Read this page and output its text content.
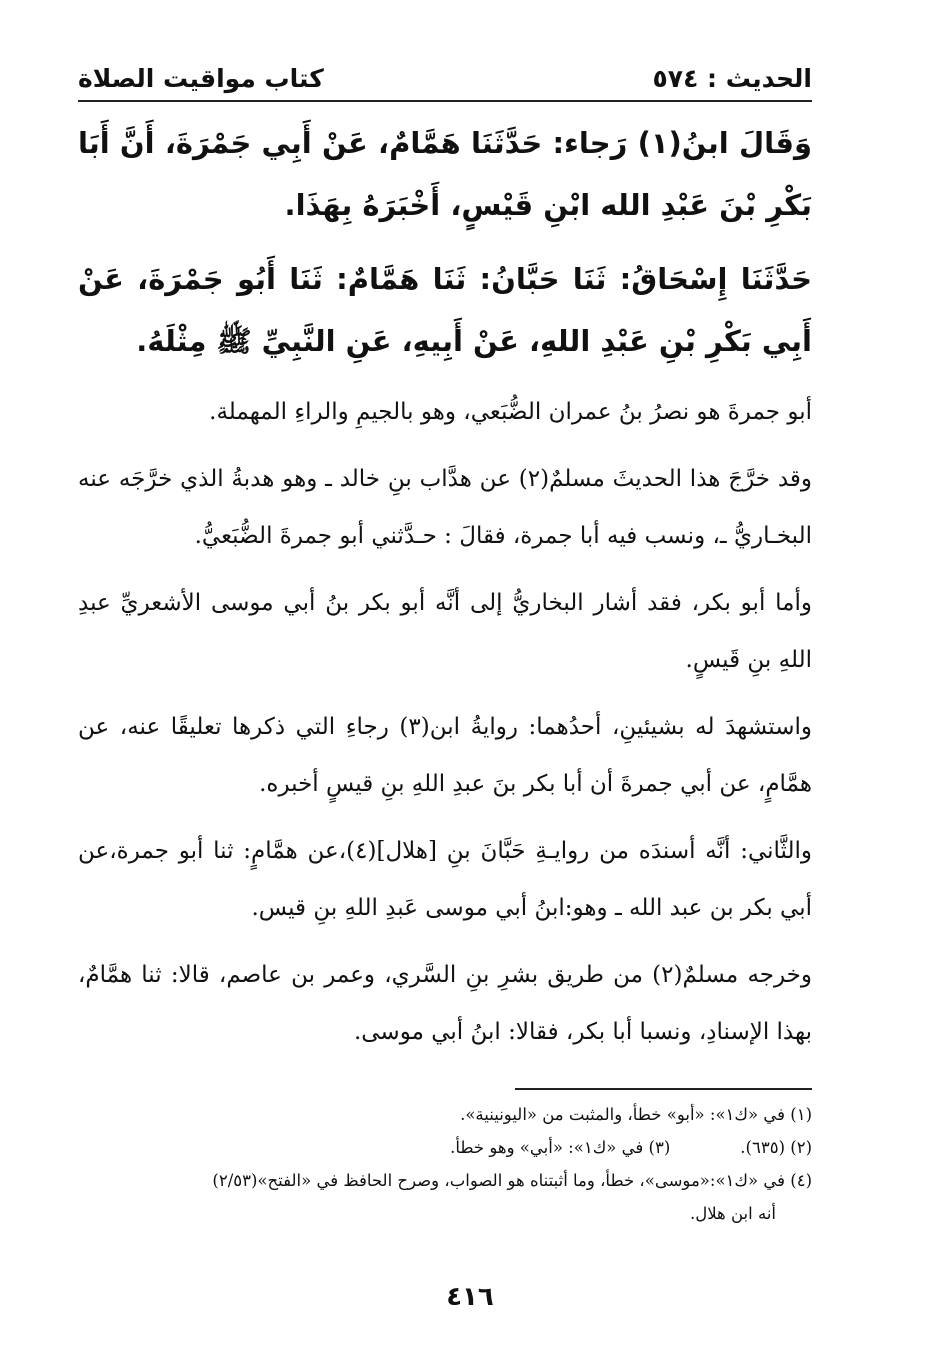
الحديث : ٥٧٤
كتاب مواقيت الصلاة

وَقَالَ ابنُ(١) رَجاء: حَدَّثَنَا هَمَّامٌ، عَنْ أَبِي جَمْرَةَ، أَنَّ أَبَا بَكْرِ بْنَ عَبْدِ الله ابْنِ قَيْسٍ، أَخْبَرَهُ بِهَذَا.

حَدَّثَنَا إِسْحَاقُ: ثَنَا حَبَّانُ: ثَنَا هَمَّامٌ: ثَنَا أَبُو جَمْرَةَ، عَنْ أَبِي بَكْرِ بْنِ عَبْدِ اللهِ، عَنْ أَبِيهِ، عَنِ النَّبِيِّ ﷺ مِثْلَهُ.

أبو جمرةَ هو نصرُ بنُ عمران الضُّبَعي، وهو بالجيمِ والراءِ المهملة.

وقد خرَّجَ هذا الحديثَ مسلمٌ(٢) عن هدَّاب بنِ خالد ـ وهو هدبةُ الذي خرَّجَه عنه البخـاريُّ ـ، ونسب فيه أبا جمرة، فقالَ : حـدَّثني أبو جمرةَ الضُّبَعيُّ.

وأما أبو بكر، فقد أشار البخاريُّ إلى أنَّه أبو بكر بنُ أبي موسى الأشعريِّ عبدِ اللهِ بنِ قَيسٍ.

واستشهدَ له بشيئينِ، أحدُهما: روايةُ ابن(٣) رجاءِ التي ذكرها تعليقًا عنه، عن همَّامٍ، عن أبي جمرةَ أن أبا بكر بنَ عبدِ اللهِ بنِ قيسٍ أخبره.

والثَّاني: أنَّه أسندَه من روايـةِ حَبَّانَ بنِ [هلال](٤)،عن همَّامٍ: ثنا أبو جمرة،عن أبي بكر بن عبد الله ـ وهو:ابنُ أبي موسى عَبدِ اللهِ بنِ قيس.

وخرجه مسلمٌ(٢) من طريق بشرِ بنِ السَّري، وعمر بن عاصم، قالا: ثنا همَّامٌ، بهذا الإسنادِ، ونسبا أبا بكر، فقالا: ابنُ أبي موسى.

(١) في «ك١»: «أبو» خطأ، والمثبت من «اليونينية».

(٢) (٦٣٥).
(٣) في «ك١»: «أبي» وهو خطأ.

(٤) في «ك١»:«موسى»، خطأ، وما أثبتناه هو الصواب، وصرح الحافظ في «الفتح»(٢/٥٣)

أنه ابن هلال.

٤١٦
